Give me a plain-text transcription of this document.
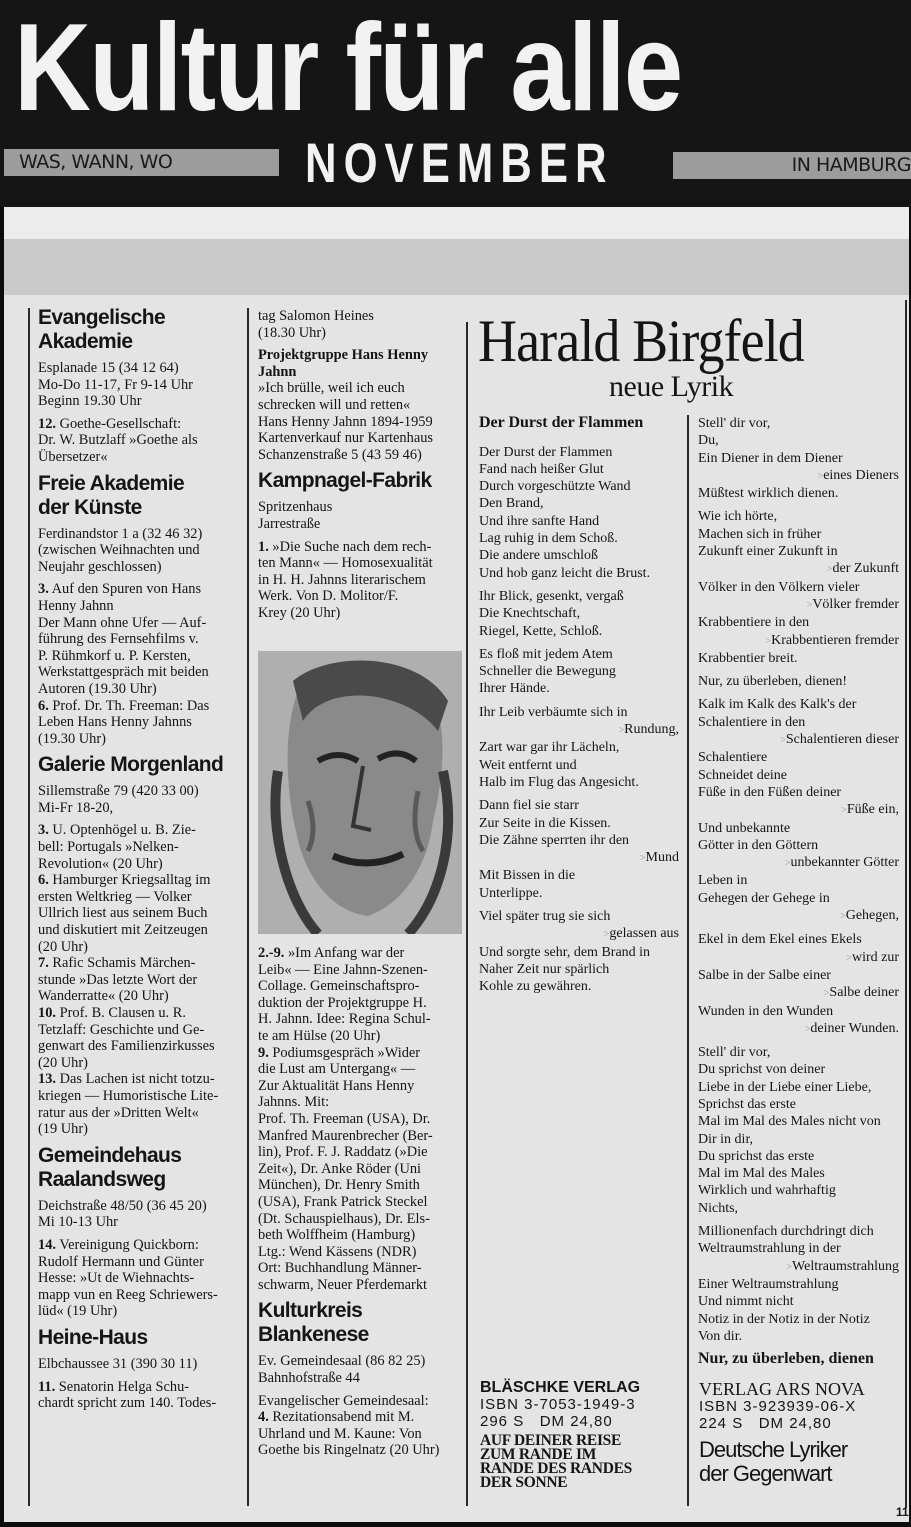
Kultur für alle
WAS, WANN, WO	NOVEMBER	IN HAMBURG
Evangelische
Akademie
Esplanade 15 (34 12 64)
Mo-Do 11-17, Fr 9-14 Uhr
Beginn 19.30 Uhr
12. Goethe-Gesellschaft:
Dr. W. Butzlaff »Goethe als
Übersetzer«
Freie Akademie
der Künste
Ferdinandstor 1 a (32 46 32)
(zwischen Weihnachten und
Neujahr geschlossen)
3. Auf den Spuren von Hans
Henny Jahnn
Der Mann ohne Ufer — Auf-
führung des Fernsehfilms v.
P. Rühmkorf u. P. Kersten,
Werkstattgespräch mit beiden
Autoren (19.30 Uhr)
6. Prof. Dr. Th. Freeman: Das
Leben Hans Henny Jahnns
(19.30 Uhr)
Galerie Morgenland
Sillemstraße 79 (420 33 00)
Mi-Fr 18-20,
3. U. Optenhögel u. B. Zie-
bell: Portugals »Nelken-
Revolution« (20 Uhr)
6. Hamburger Kriegsalltag im
ersten Weltkrieg — Volker
Ullrich liest aus seinem Buch
und diskutiert mit Zeitzeugen
(20 Uhr)
7. Rafic Schamis Märchen-
stunde »Das letzte Wort der
Wanderratte« (20 Uhr)
10. Prof. B. Clausen u. R.
Tetzlaff: Geschichte und Ge-
genwart des Familienzirkusses
(20 Uhr)
13. Das Lachen ist nicht totzu-
kriegen — Humoristische Lite-
ratur aus der »Dritten Welt«
(19 Uhr)
Gemeindehaus
Raalandsweg
Deichstraße 48/50 (36 45 20)
Mi 10-13 Uhr
14. Vereinigung Quickborn:
Rudolf Hermann und Günter
Hesse: »Ut de Wiehnachts-
mapp vun en Reeg Schriewers-
lüd« (19 Uhr)
Heine-Haus
Elbchaussee 31 (390 30 11)
11. Senatorin Helga Schu-
chardt spricht zum 140. Todes-
tag Salomon Heines
(18.30 Uhr)
Projektgruppe Hans Henny
Jahnn
»Ich brülle, weil ich euch
schrecken will und retten«
Hans Henny Jahnn 1894-1959
Kartenverkauf nur Kartenhaus
Schanzenstraße 5 (43 59 46)
Kampnagel-Fabrik
Spritzenhaus
Jarrestraße
1. »Die Suche nach dem rech-
ten Mann« — Homosexualität
in H. H. Jahnns literarischem
Werk. Von D. Molitor/F.
Krey (20 Uhr)
2.-9. »Im Anfang war der
Leib« — Eine Jahnn-Szenen-
Collage. Gemeinschaftspro-
duktion der Projektgruppe H.
H. Jahnn. Idee: Regina Schul-
te am Hülse (20 Uhr)
9. Podiumsgespräch »Wider
die Lust am Untergang« —
Zur Aktualität Hans Henny
Jahnns. Mit:
Prof. Th. Freeman (USA), Dr.
Manfred Maurenbrecher (Ber-
lin), Prof. F. J. Raddatz (»Die
Zeit«), Dr. Anke Röder (Uni
München), Dr. Henry Smith
(USA), Frank Patrick Steckel
(Dt. Schauspielhaus), Dr. Els-
beth Wolffheim (Hamburg)
Ltg.: Wend Kässens (NDR)
Ort: Buchhandlung Männer-
schwarm, Neuer Pferdemarkt
Kulturkreis
Blankenese
Ev. Gemeindesaal (86 82 25)
Bahnhofstraße 44
Evangelischer Gemeindesaal:
4. Rezitationsabend mit M.
Uhrland und M. Kaune: Von
Goethe bis Ringelnatz (20 Uhr)
Harald Birgfeld
neue Lyrik
Der Durst der Flammen
Der Durst der Flammen
Fand nach heißer Glut
Durch vorgeschützte Wand
Den Brand,
Und ihre sanfte Hand
Lag ruhig in dem Schoß.
Die andere umschloß
Und hob ganz leicht die Brust.
Ihr Blick, gesenkt, vergaß
Die Knechtschaft,
Riegel, Kette, Schloß.
Es floß mit jedem Atem
Schneller die Bewegung
Ihrer Hände.
Ihr Leib verbäumte sich in
>Rundung,
Zart war gar ihr Lächeln,
Weit entfernt und
Halb im Flug das Angesicht.
Dann fiel sie starr
Zur Seite in die Kissen.
Die Zähne sperrten ihr den
>Mund
Mit Bissen in die
Unterlippe.
Viel später trug sie sich
>gelassen aus
Und sorgte sehr, dem Brand in
Naher Zeit nur spärlich
Kohle zu gewähren.
Stell' dir vor,
Du,
Ein Diener in dem Diener
>eines Dieners
Müßtest wirklich dienen.
Wie ich hörte,
Machen sich in früher
Zukunft einer Zukunft in
>der Zukunft
Völker in den Völkern vieler
>Völker fremder
Krabbentiere in den
>Krabbentieren fremder
Krabbentier breit.
Nur, zu überleben, dienen!
Kalk im Kalk des Kalk's der
Schalentiere in den
>Schalentieren dieser
Schalentiere
Schneidet deine
Füße in den Füßen deiner
>Füße ein,
Und unbekannte
Götter in den Göttern
>unbekannter Götter
Leben in
Gehegen der Gehege in
>Gehegen,
Ekel in dem Ekel eines Ekels
>wird zur
Salbe in der Salbe einer
>Salbe deiner
Wunden in den Wunden
>deiner Wunden.
Stell' dir vor,
Du sprichst von deiner
Liebe in der Liebe einer Liebe,
Sprichst das erste
Mal im Mal des Males nicht von
Dir in dir,
Du sprichst das erste
Mal im Mal des Males
Wirklich und wahrhaftig
Nichts,
Millionenfach durchdringt dich
Weltraumstrahlung in der
>Weltraumstrahlung
Einer Weltraumstrahlung
Und nimmt nicht
Notiz in der Notiz in der Notiz
Von dir.
Nur, zu überleben, dienen
BLÄSCHKE VERLAG
ISBN 3-7053-1949-3
296 S   DM 24,80
AUF DEINER REISE
ZUM RANDE IM
RANDE DES RANDES
DER SONNE
VERLAG ARS NOVA
ISBN 3-923939-06-X
224 S   DM 24,80
Deutsche Lyriker
der Gegenwart
11
